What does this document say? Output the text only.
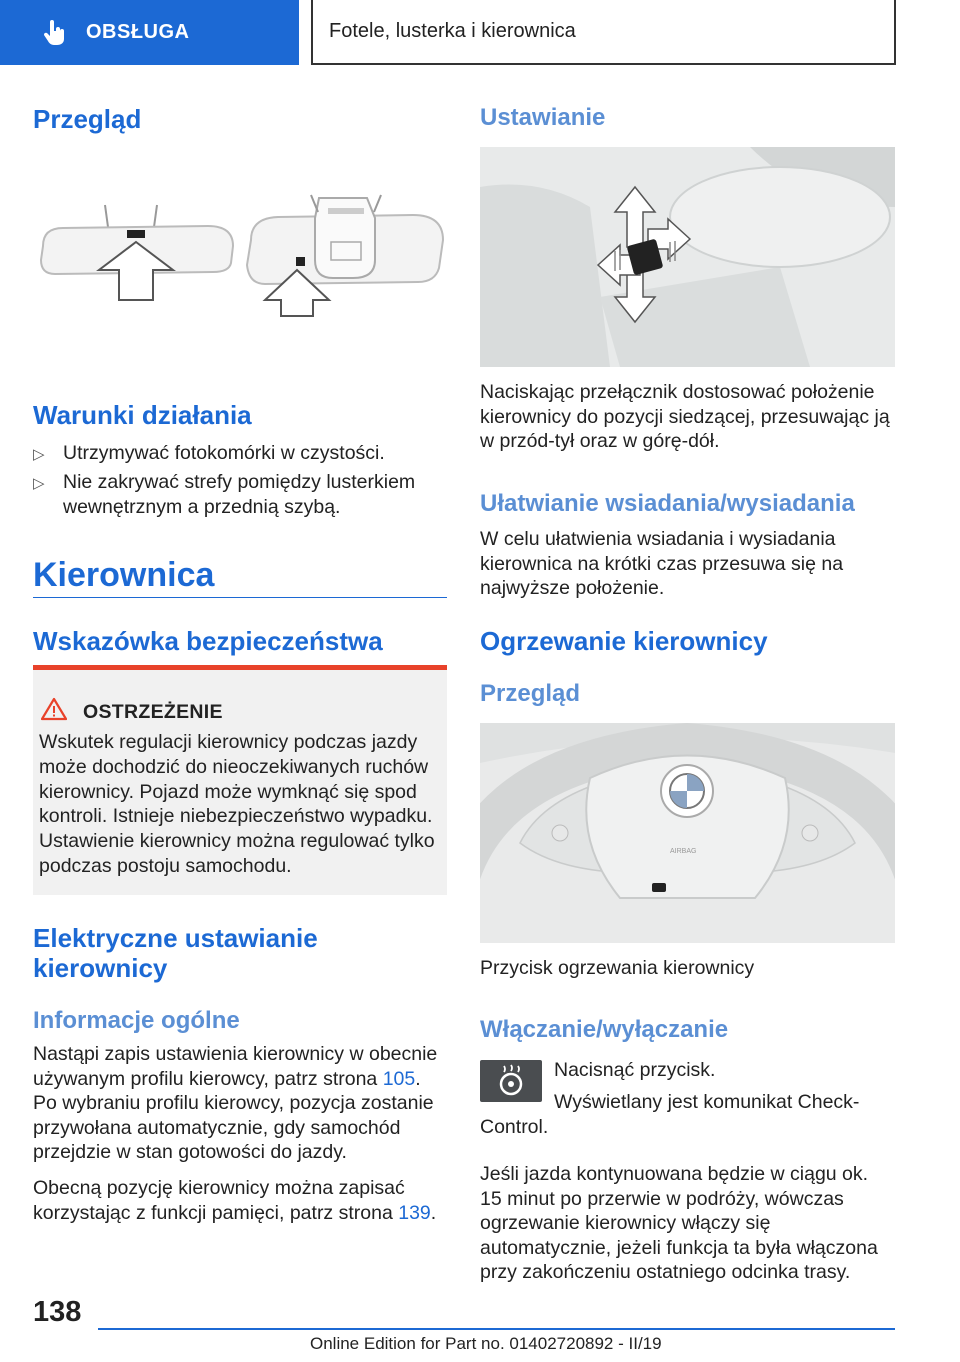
OBSŁUGA	Fotele, lusterka i kierownica
Przegląd
Warunki działania
▷ Utrzymywać fotokomórki w czystości.
▷ Nie zakrywać strefy pomiędzy lusterkiem wewnętrznym a przednią szybą.
Kierownica
Wskazówka bezpieczeństwa
OSTRZEŻENIE
Wskutek regulacji kierownicy podczas jazdy może dochodzić do nieoczekiwanych ruchów kierownicy. Pojazd może wymknąć się spod kontroli. Istnieje niebezpieczeństwo wypadku. Ustawienie kierownicy można regulować tylko podczas postoju samochodu.
Elektryczne ustawianie
kierownicy
Informacje ogólne
Nastąpi zapis ustawienia kierownicy w obecnie używanym profilu kierowcy, patrz strona 105. Po wybraniu profilu kierowcy, pozycja zostanie przywołana automatycznie, gdy samochód przejdzie w stan gotowości do jazdy.
Obecną pozycję kierownicy można zapisać korzystając z funkcji pamięci, patrz strona 139.
Ustawianie
Naciskając przełącznik dostosować położenie kierownicy do pozycji siedzącej, przesuwając ją w przód-tył oraz w górę-dół.
Ułatwianie wsiadania/wysiadania
W celu ułatwienia wsiadania i wysiadania kierownica na krótki czas przesuwa się na najwyższe położenie.
Ogrzewanie kierownicy
Przegląd
AIRBAG
Przycisk ogrzewania kierownicy
Włączanie/wyłączanie
Nacisnąć przycisk.
Wyświetlany jest komunikat Check-Control.
Jeśli jazda kontynuowana będzie w ciągu ok. 15 minut po przerwie w podróży, wówczas ogrzewanie kierownicy włączy się automatycznie, jeżeli funkcja ta była włączona przy zakończeniu ostatniego odcinka trasy.
138
Online Edition for Part no. 01402720892 - II/19
